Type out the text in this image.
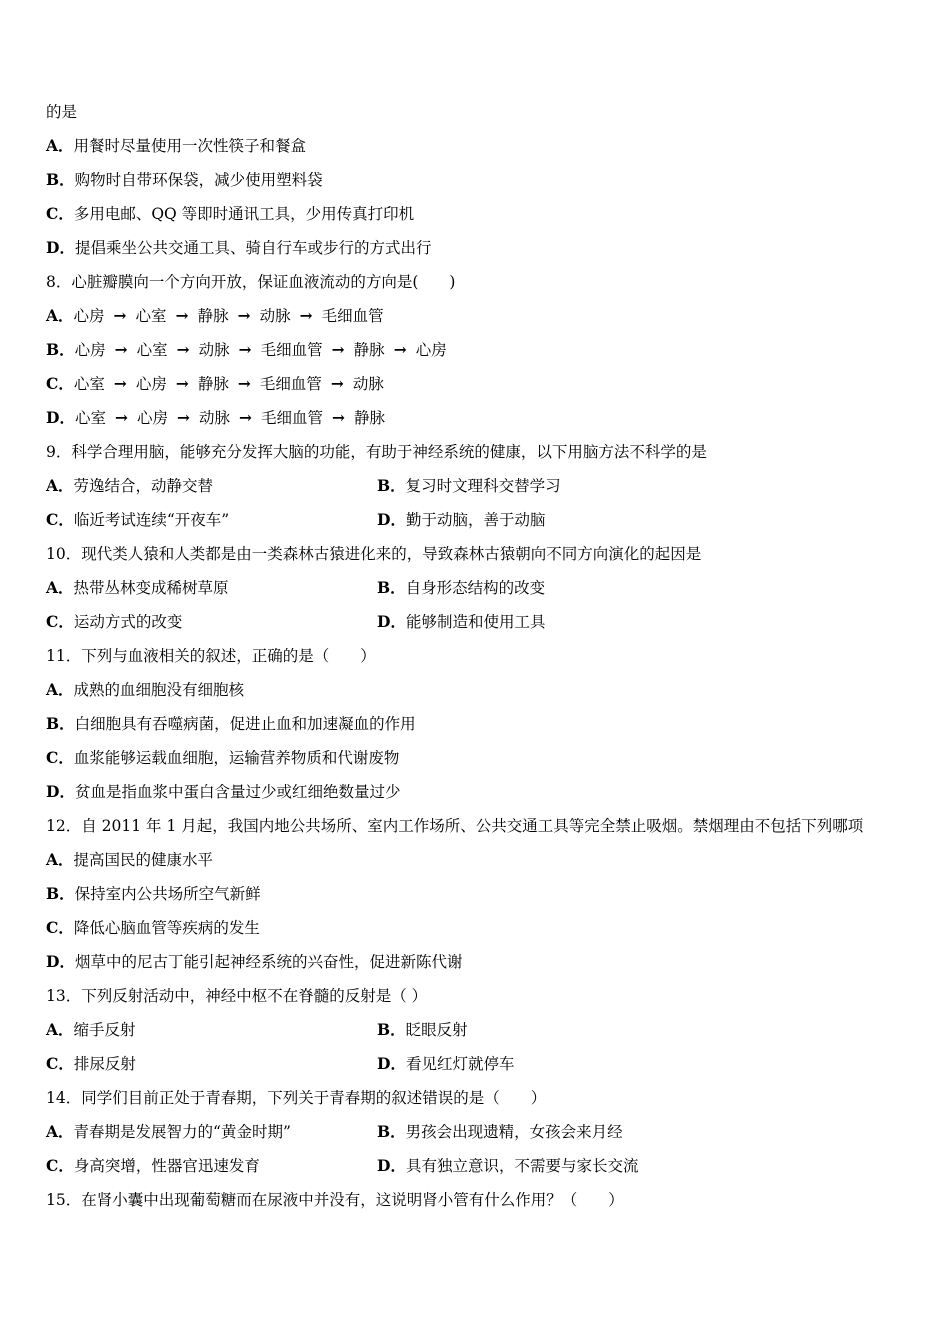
的是
A．用餐时尽量使用一次性筷子和餐盒
B．购物时自带环保袋，减少使用塑料袋
C．多用电邮、QQ 等即时通讯工具，少用传真打印机
D．提倡乘坐公共交通工具、骑自行车或步行的方式出行
8．心脏瓣膜向一个方向开放，保证血液流动的方向是(　　)
A．心房 → 心室 → 静脉 → 动脉 → 毛细血管
B．心房 → 心室 → 动脉 → 毛细血管 → 静脉 → 心房
C．心室 → 心房 → 静脉 → 毛细血管 → 动脉
D．心室 → 心房 → 动脉 → 毛细血管 → 静脉
9．科学合理用脑，能够充分发挥大脑的功能，有助于神经系统的健康，以下用脑方法不科学的是
A．劳逸结合，动静交替	B．复习时文理科交替学习
C．临近考试连续“开夜车”	D．勤于动脑，善于动脑
10．现代类人猿和人类都是由一类森林古猿进化来的，导致森林古猿朝向不同方向演化的起因是
A．热带丛林变成稀树草原	B．自身形态结构的改变
C．运动方式的改变	D．能够制造和使用工具
11．下列与血液相关的叙述，正确的是（　　）
A．成熟的血细胞没有细胞核
B．白细胞具有吞噬病菌，促进止血和加速凝血的作用
C．血浆能够运载血细胞，运输营养物质和代谢废物
D．贫血是指血浆中蛋白含量过少或红细绝数量过少
12．自 2011 年 1 月起，我国内地公共场所、室内工作场所、公共交通工具等完全禁止吸烟。禁烟理由不包括下列哪项
A．提高国民的健康水平
B．保持室内公共场所空气新鲜
C．降低心脑血管等疾病的发生
D．烟草中的尼古丁能引起神经系统的兴奋性，促进新陈代谢
13．下列反射活动中，神经中枢不在脊髓的反射是（ ）
A．缩手反射	B．眨眼反射
C．排尿反射	D．看见红灯就停车
14．同学们目前正处于青春期，下列关于青春期的叙述错误的是（　　）
A．青春期是发展智力的“黄金时期”	B．男孩会出现遗精，女孩会来月经
C．身高突增，性器官迅速发育	D．具有独立意识，不需要与家长交流
15．在肾小囊中出现葡萄糖而在尿液中并没有，这说明肾小管有什么作用？（　　）
